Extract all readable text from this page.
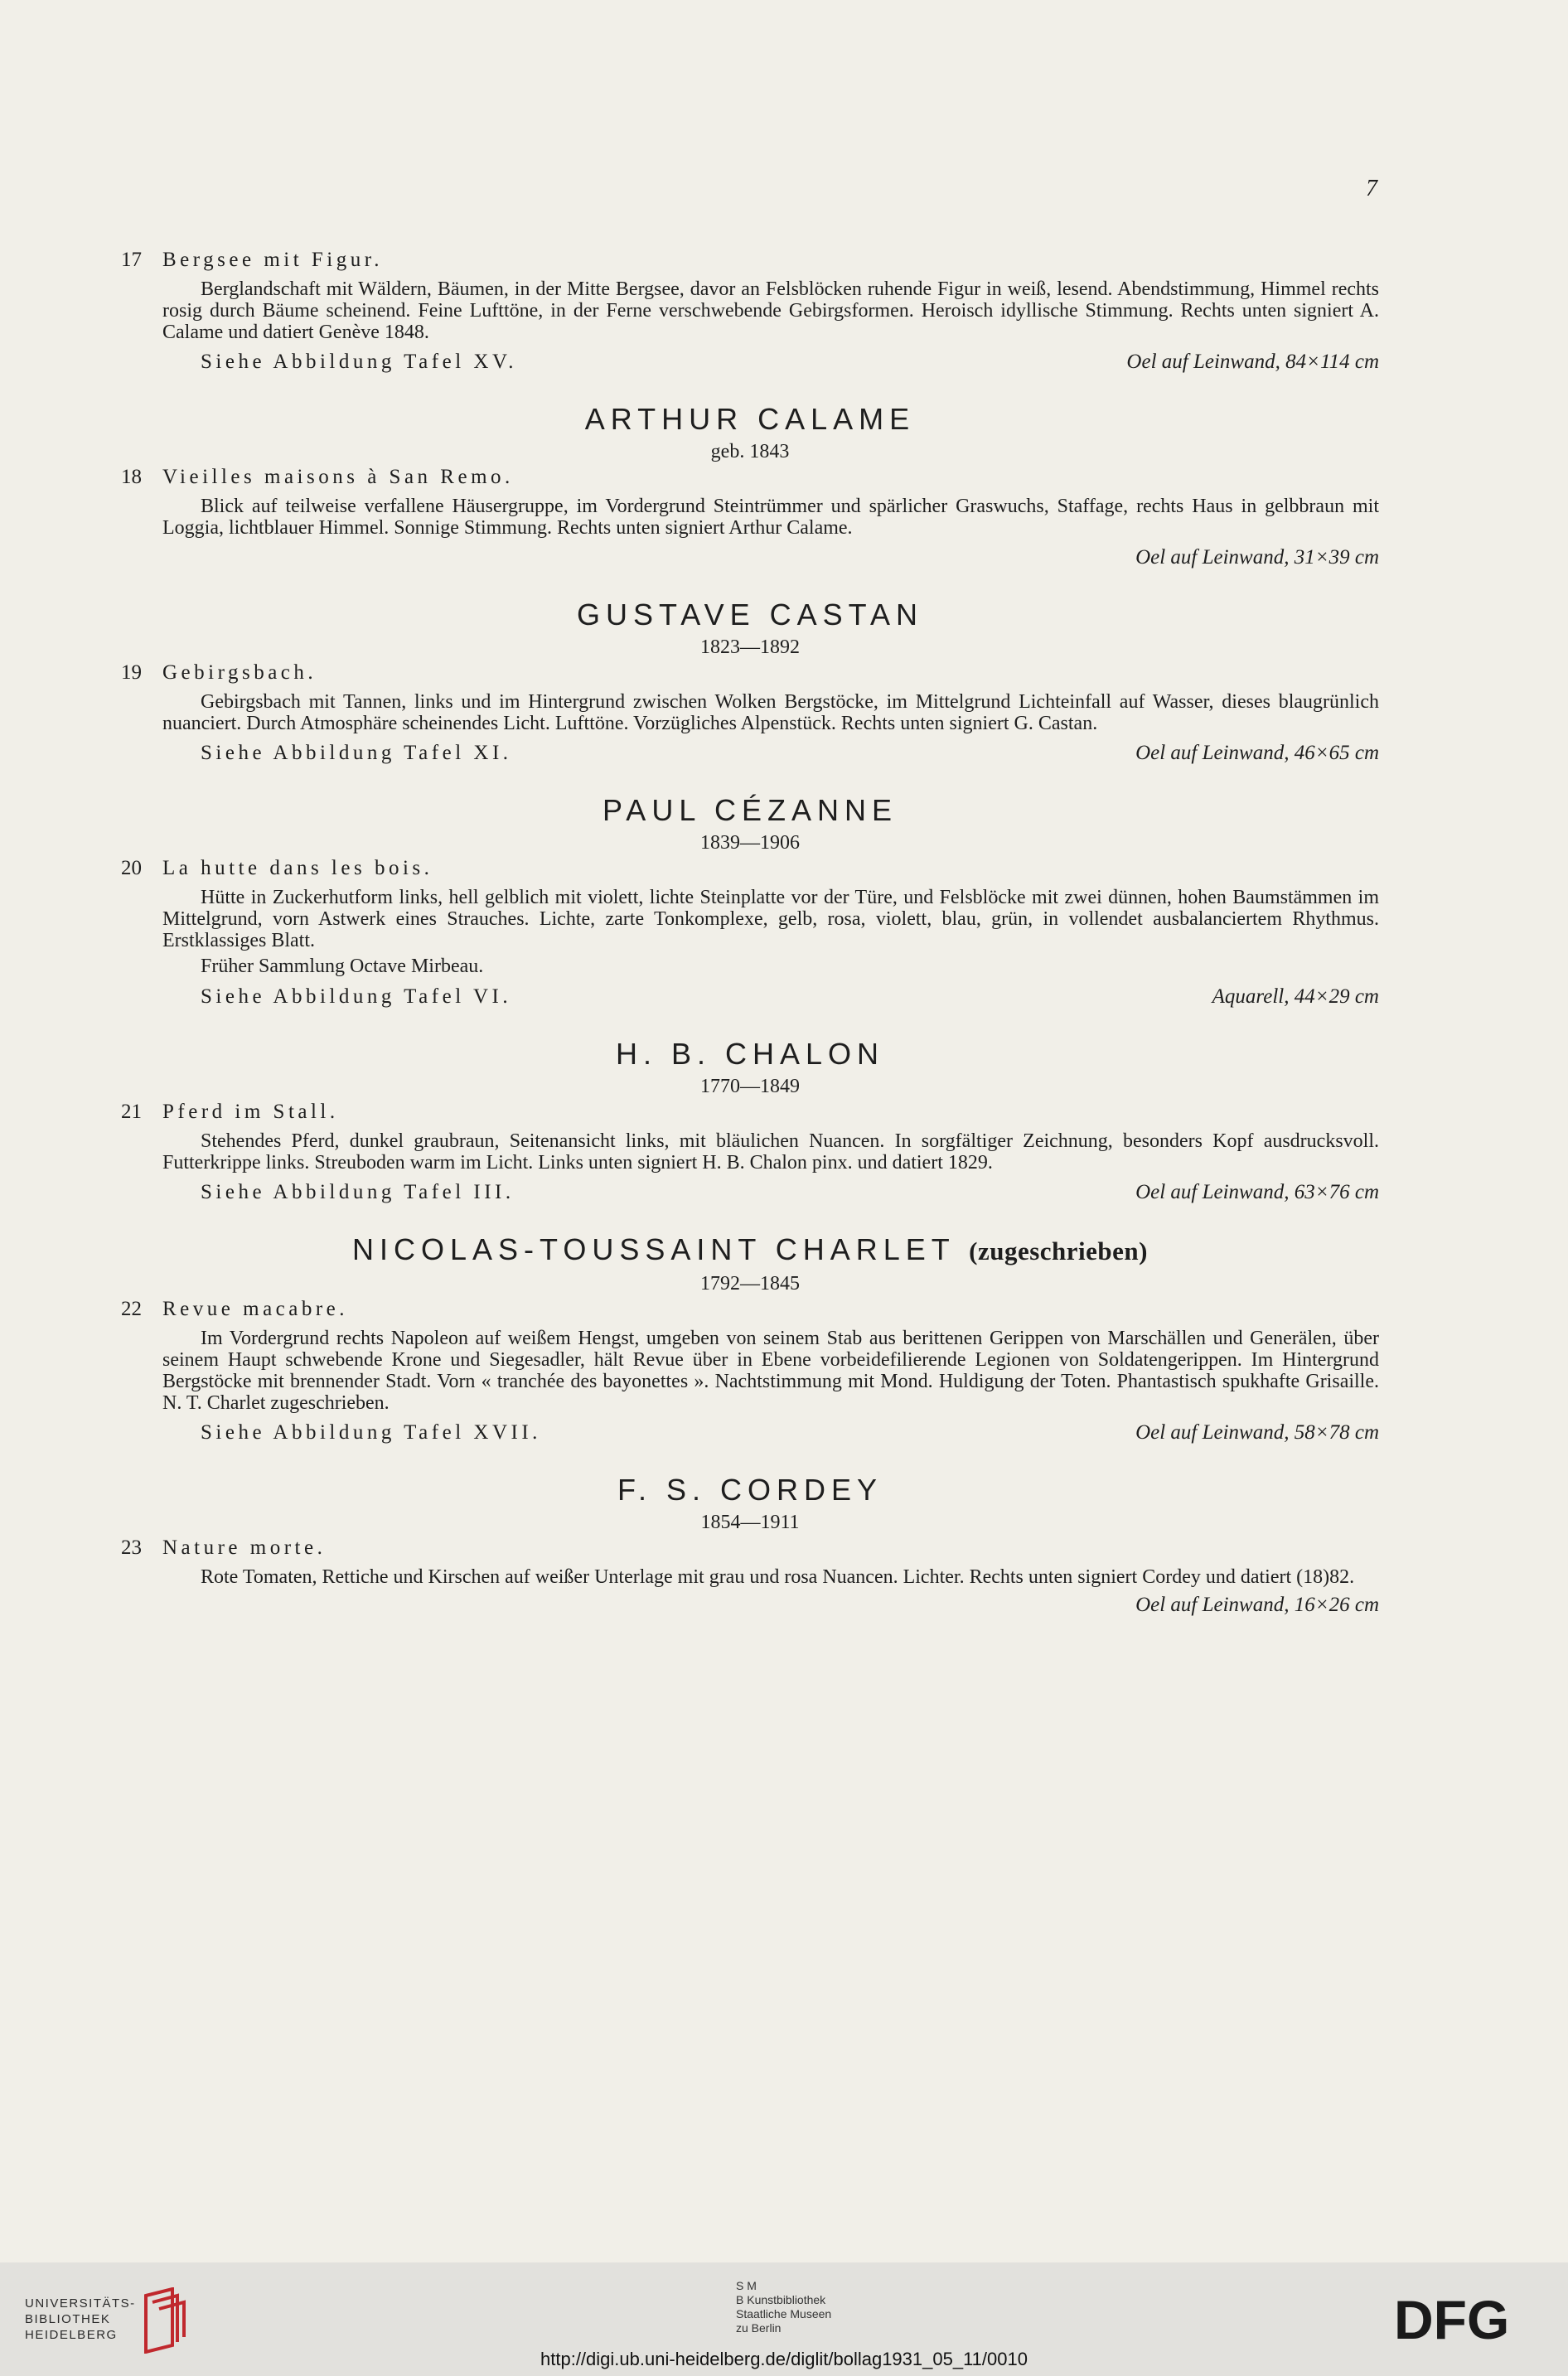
7
17	Bergsee mit Figur.

Berglandschaft mit Wäldern, Bäumen, in der Mitte Bergsee, davor an Felsblöcken ruhende Figur in weiß, lesend. Abendstimmung, Himmel rechts rosig durch Bäume scheinend. Feine Lufttöne, in der Ferne verschwebende Gebirgsformen. Heroisch idyllische Stimmung. Rechts unten signiert A. Calame und datiert Genève 1848.

Siehe Abbildung Tafel XV.	Oel auf Leinwand, 84×114 cm
ARTHUR CALAME
geb. 1843
18	Vieilles maisons à San Remo.

Blick auf teilweise verfallene Häusergruppe, im Vordergrund Steintrümmer und spärlicher Graswuchs, Staffage, rechts Haus in gelbbraun mit Loggia, lichtblauer Himmel. Sonnige Stimmung. Rechts unten signiert Arthur Calame.

Oel auf Leinwand, 31×39 cm
GUSTAVE CASTAN
1823—1892
19	Gebirgsbach.

Gebirgsbach mit Tannen, links und im Hintergrund zwischen Wolken Bergstöcke, im Mittelgrund Lichteinfall auf Wasser, dieses blaugrünlich nuanciert. Durch Atmosphäre scheinendes Licht. Lufttöne. Vorzügliches Alpenstück. Rechts unten signiert G. Castan.

Siehe Abbildung Tafel XI.	Oel auf Leinwand, 46×65 cm
PAUL CÉZANNE
1839—1906
20	La hutte dans les bois.

Hütte in Zuckerhutform links, hell gelblich mit violett, lichte Steinplatte vor der Türe, und Felsblöcke mit zwei dünnen, hohen Baumstämmen im Mittelgrund, vorn Astwerk eines Strauches. Lichte, zarte Tonkomplexe, gelb, rosa, violett, blau, grün, in vollendet ausbalanciertem Rhythmus. Erstklassiges Blatt.

Früher Sammlung Octave Mirbeau.

Siehe Abbildung Tafel VI.	Aquarell, 44×29 cm
H. B. CHALON
1770—1849
21	Pferd im Stall.

Stehendes Pferd, dunkel graubraun, Seitenansicht links, mit bläulichen Nuancen. In sorgfältiger Zeichnung, besonders Kopf ausdrucksvoll. Futterkrippe links. Streuboden warm im Licht. Links unten signiert H. B. Chalon pinx. und datiert 1829.

Siehe Abbildung Tafel III.	Oel auf Leinwand, 63×76 cm
NICOLAS-TOUSSAINT CHARLET (zugeschrieben)
1792—1845
22	Revue macabre.

Im Vordergrund rechts Napoleon auf weißem Hengst, umgeben von seinem Stab aus berittenen Gerippen von Marschällen und Generälen, über seinem Haupt schwebende Krone und Siegesadler, hält Revue über in Ebene vorbeidefilierende Legionen von Soldatengerippen. Im Hintergrund Bergstöcke mit brennender Stadt. Vorn « tranchée des bayonettes ». Nachtstimmung mit Mond. Huldigung der Toten. Phantastisch spukhafte Grisaille. N. T. Charlet zugeschrieben.

Siehe Abbildung Tafel XVII.	Oel auf Leinwand, 58×78 cm
F. S. CORDEY
1854—1911
23	Nature morte.

Rote Tomaten, Rettiche und Kirschen auf weißer Unterlage mit grau und rosa Nuancen. Lichter. Rechts unten signiert Cordey und datiert (18)82.

Oel auf Leinwand, 16×26 cm
UNIVERSITÄTS-
BIBLIOTHEK
HEIDELBERG
S M
B Kunstbibliothek
Staatliche Museen
zu Berlin	DFG
http://digi.ub.uni-heidelberg.de/diglit/bollag1931_05_11/0010
